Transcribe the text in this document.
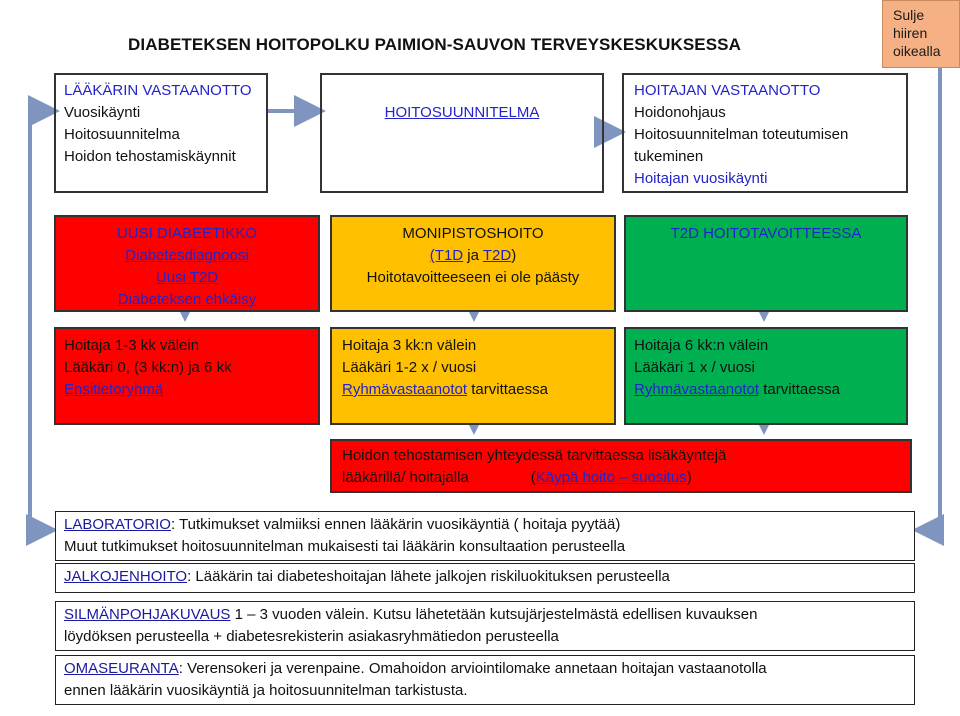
DIABETEKSEN HOITOPOLKU PAIMION-SAUVON TERVEYSKESKUKSESSA
Sulje
hiiren
oikealla
LÄÄKÄRIN VASTAANOTTO
Vuosikäynti
Hoitosuunnitelma
Hoidon tehostamiskäynnit
HOITOSUUNNITELMA
HOITAJAN VASTAANOTTO
Hoidonohjaus
Hoitosuunnitelman toteutumisen
tukeminen
Hoitajan vuosikäynti
UUSI DIABEETIKKO
Diabetesdiagnoosi
Uusi T2D
Diabeteksen ehkäisy
MONIPISTOSHOITO
(T1D ja T2D)
Hoitotavoitteeseen ei ole päästy
T2D HOITOTAVOITTEESSA
Hoitaja 1-3 kk välein
Lääkäri 0, (3 kk:n) ja 6 kk
Ensitietoryhmä
Hoitaja 3 kk:n välein
Lääkäri 1-2 x / vuosi
Ryhmävastaanotot tarvittaessa
Hoitaja 6 kk:n välein
Lääkäri 1 x / vuosi
Ryhmävastaanotot tarvittaessa
Hoidon tehostamisen yhteydessä tarvittaessa lisäkäyntejä
lääkärillä/ hoitajalla	(Käypä hoito – suositus)
LABORATORIO: Tutkimukset valmiiksi ennen lääkärin vuosikäyntiä ( hoitaja pyytää)
Muut tutkimukset hoitosuunnitelman mukaisesti tai lääkärin konsultaation perusteella
JALKOJENHOITO: Lääkärin tai diabeteshoitajan lähete jalkojen riskiluokituksen perusteella
SILMÄNPOHJAKUVAUS 1 – 3 vuoden välein. Kutsu lähetetään kutsujärjestelmästä edellisen kuvauksen
löydöksen perusteella + diabetesrekisterin asiakasryhmätiedon perusteella
OMASEURANTA: Verensokeri ja verenpaine. Omahoidon arviointilomake annetaan hoitajan vastaanotolla
ennen lääkärin vuosikäyntiä ja hoitosuunnitelman tarkistusta.
